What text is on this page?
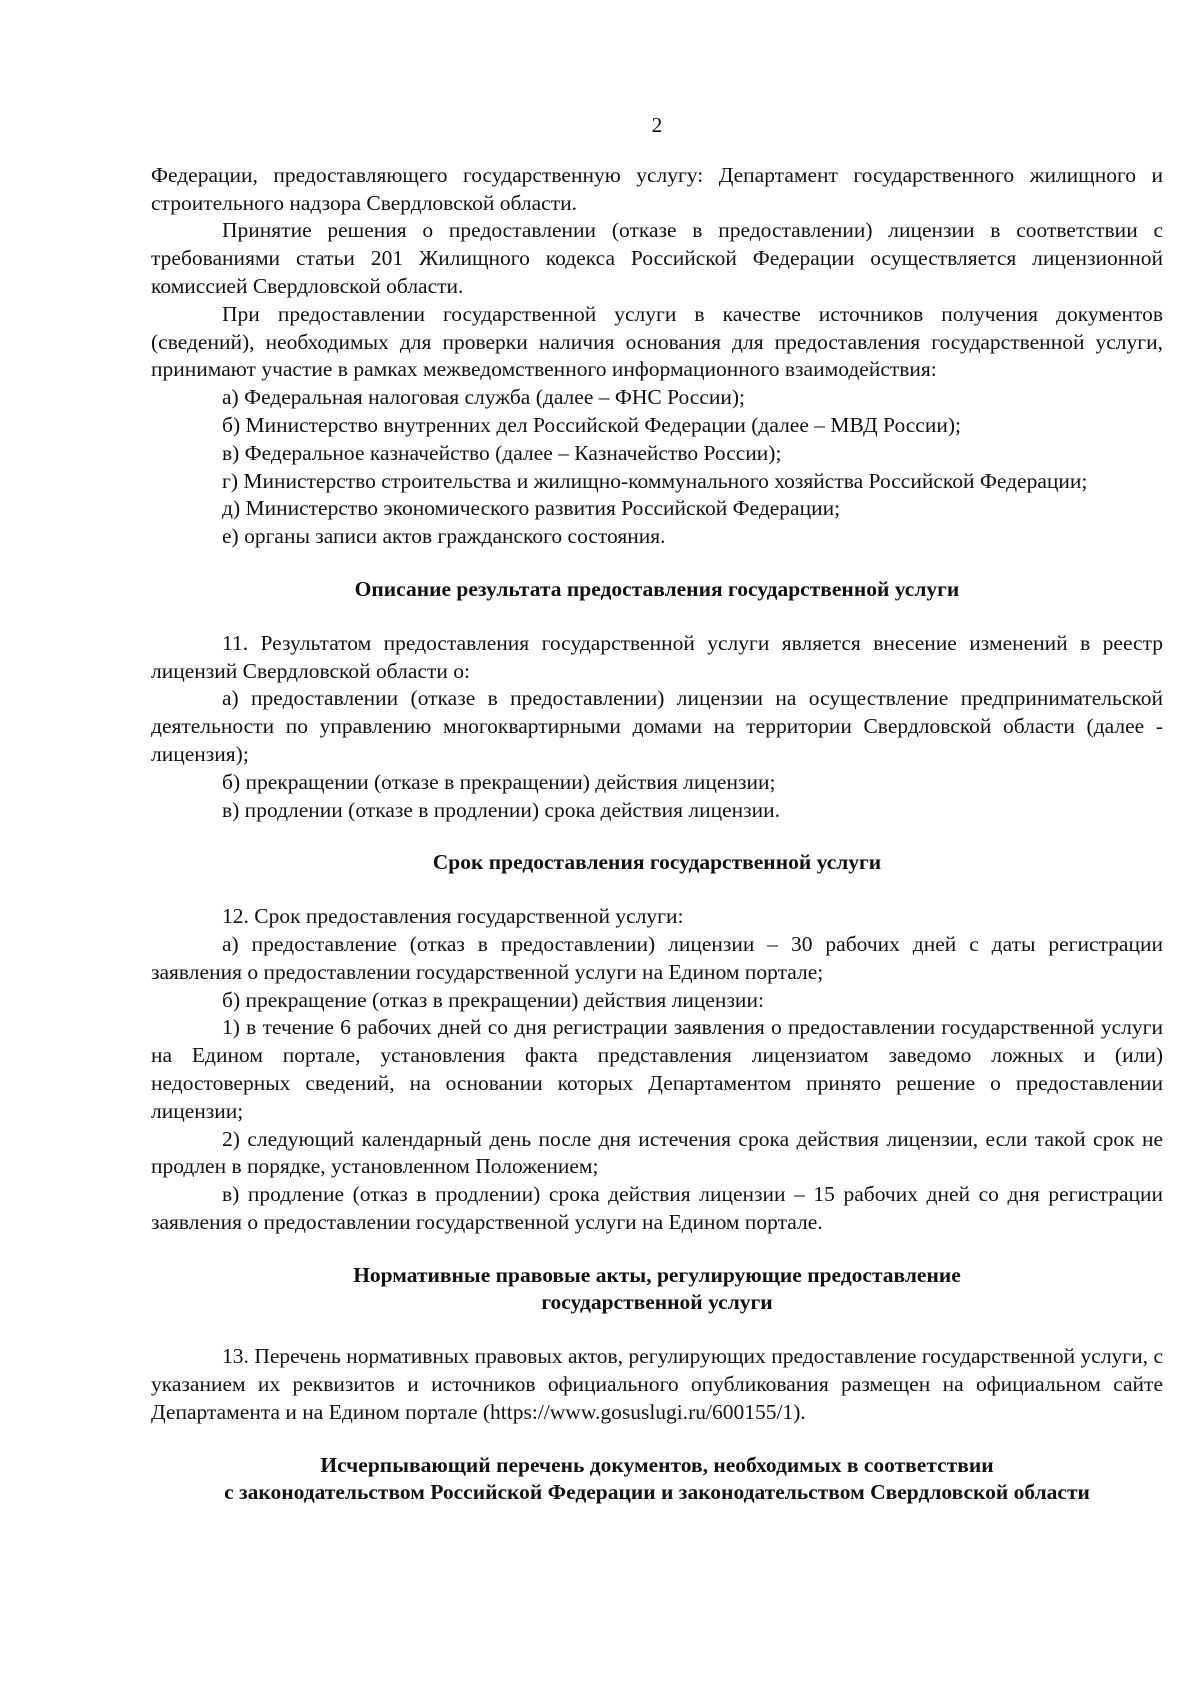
2

Федерации, предоставляющего государственную услугу: Департамент государственного жилищного и строительного надзора Свердловской области.

Принятие решения о предоставлении (отказе в предоставлении) лицензии в соответствии с требованиями статьи 201 Жилищного кодекса Российской Федерации осуществляется лицензионной комиссией Свердловской области.

При предоставлении государственной услуги в качестве источников получения документов (сведений), необходимых для проверки наличия основания для предоставления государственной услуги, принимают участие в рамках межведомственного информационного взаимодействия:

а) Федеральная налоговая служба (далее – ФНС России);

б) Министерство внутренних дел Российской Федерации (далее – МВД России);

в) Федеральное казначейство (далее – Казначейство России);

г) Министерство строительства и жилищно-коммунального хозяйства Российской Федерации;

д) Министерство экономического развития Российской Федерации;

е) органы записи актов гражданского состояния.

Описание результата предоставления государственной услуги

11. Результатом предоставления государственной услуги является внесение изменений в реестр лицензий Свердловской области о:

а) предоставлении (отказе в предоставлении) лицензии на осуществление предпринимательской деятельности по управлению многоквартирными домами на территории Свердловской области (далее - лицензия);

б) прекращении (отказе в прекращении) действия лицензии;

в) продлении (отказе в продлении) срока действия лицензии.

Срок предоставления государственной услуги

12. Срок предоставления государственной услуги:

а) предоставление (отказ в предоставлении) лицензии – 30 рабочих дней с даты регистрации заявления о предоставлении государственной услуги на Едином портале;

б) прекращение (отказ в прекращении) действия лицензии:

1) в течение 6 рабочих дней со дня регистрации заявления о предоставлении государственной услуги на Едином портале, установления факта представления лицензиатом заведомо ложных и (или) недостоверных сведений, на основании которых Департаментом принято решение о предоставлении лицензии;

2) следующий календарный день после дня истечения срока действия лицензии, если такой срок не продлен в порядке, установленном Положением;

в) продление (отказ в продлении) срока действия лицензии – 15 рабочих дней со дня регистрации заявления о предоставлении государственной услуги на Едином портале.

Нормативные правовые акты, регулирующие предоставление
государственной услуги

13. Перечень нормативных правовых актов, регулирующих предоставление государственной услуги, с указанием их реквизитов и источников официального опубликования размещен на официальном сайте Департамента и на Едином портале (https://www.gosuslugi.ru/600155/1).

Исчерпывающий перечень документов, необходимых в соответствии
с законодательством Российской Федерации и законодательством Свердловской области
